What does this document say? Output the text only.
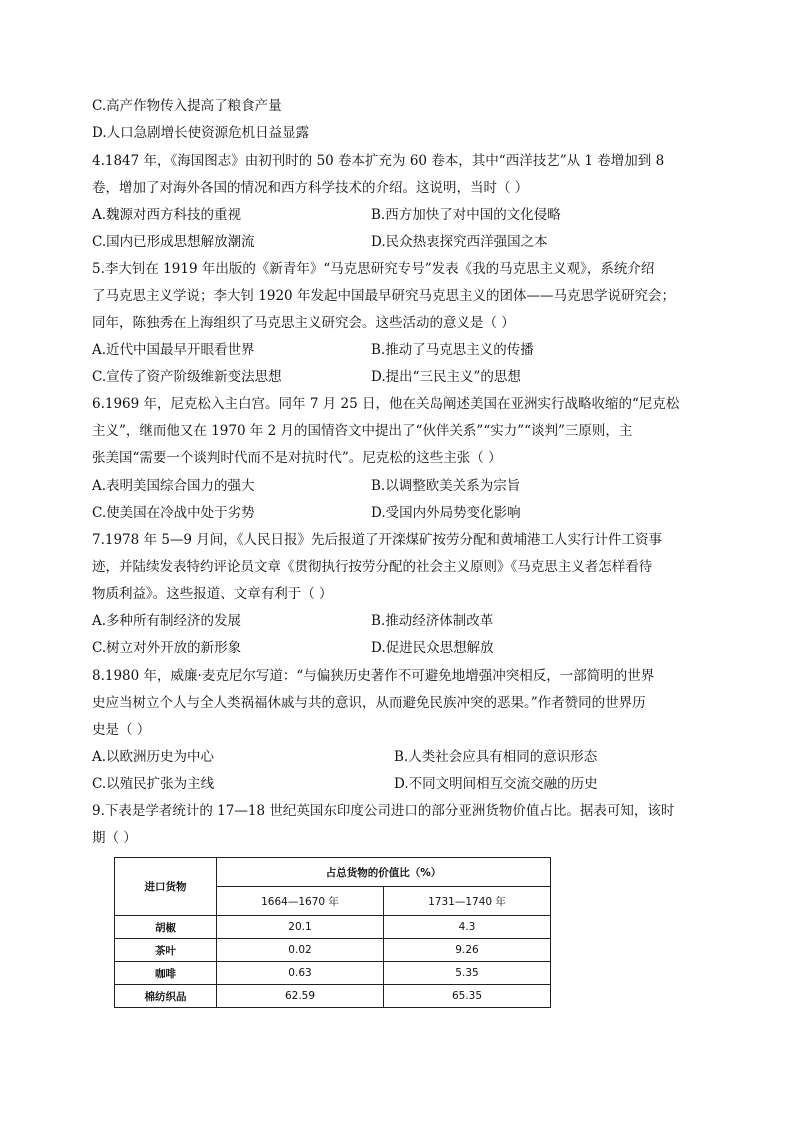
C.高产作物传入提高了粮食产量
D.人口急剧增长使资源危机日益显露
4.1847 年，《海国图志》由初刊时的 50 卷本扩充为 60 卷本，其中“西洋技艺”从 1 卷增加到 8
卷，增加了对海外各国的情况和西方科学技术的介绍。这说明，当时（ ）
A.魏源对西方科技的重视	B.西方加快了对中国的文化侵略
C.国内已形成思想解放潮流	D.民众热衷探究西洋强国之本
5.李大钊在 1919 年出版的《新青年》“马克思研究专号”发表《我的马克思主义观》，系统介绍
了马克思主义学说；李大钊 1920 年发起中国最早研究马克思主义的团体——马克思学说研究会；
同年，陈独秀在上海组织了马克思主义研究会。这些活动的意义是（ ）
A.近代中国最早开眼看世界	B.推动了马克思主义的传播
C.宣传了资产阶级维新变法思想	D.提出“三民主义”的思想
6.1969 年，尼克松入主白宫。同年 7 月 25 日，他在关岛阐述美国在亚洲实行战略收缩的“尼克松
主义”，继而他又在 1970 年 2 月的国情咨文中提出了“伙伴关系”“实力”“谈判”三原则，主
张美国“需要一个谈判时代而不是对抗时代”。尼克松的这些主张（ ）
A.表明美国综合国力的强大	B.以调整欧美关系为宗旨
C.使美国在冷战中处于劣势	D.受国内外局势变化影响
7.1978 年 5—9 月间，《人民日报》先后报道了开滦煤矿按劳分配和黄埔港工人实行计件工资事
迹，并陆续发表特约评论员文章《贯彻执行按劳分配的社会主义原则》《马克思主义者怎样看待
物质利益》。这些报道、文章有利于（ ）
A.多种所有制经济的发展	B.推动经济体制改革
C.树立对外开放的新形象	D.促进民众思想解放
8.1980 年，威廉·麦克尼尔写道：“与偏狭历史著作不可避免地增强冲突相反，一部简明的世界
史应当树立个人与全人类祸福休戚与共的意识，从而避免民族冲突的恶果。”作者赞同的世界历
史是（ ）
A.以欧洲历史为中心	B.人类社会应具有相同的意识形态
C.以殖民扩张为主线	D.不同文明间相互交流交融的历史
9.下表是学者统计的 17—18 世纪英国东印度公司进口的部分亚洲货物价值占比。据表可知，该时
期（ ）
进口货物	占总货物的价值比（%）	
	1664—1670 年	1731—1740 年
胡椒	20.1	4.3
茶叶	0.02	9.26
咖啡	0.63	5.35
棉纺织品	62.59	65.35
